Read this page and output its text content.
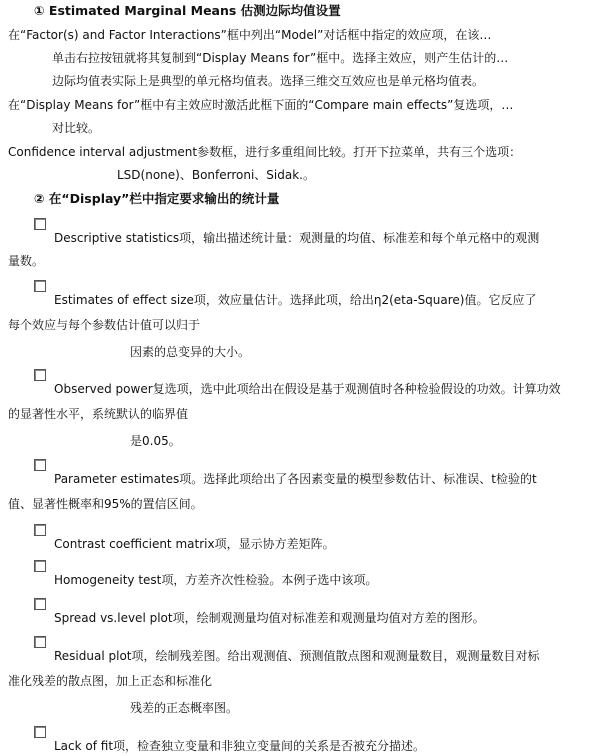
① Estimated Marginal Means 估测边际均值设置
在“Factor(s) and Factor Interactions”框中列出“Model”对话框中指定的效应项，在该…
单击右拉按钮就将其复制到“Display Means for”框中。选择主效应，则产生估计的…
边际均值表实际上是典型的单元格均值表。选择三维交互效应也是单元格均值表。
在“Display Means for”框中有主效应时激活此框下面的“Compare main effects”复选项，…
对比较。
Confidence interval adjustment参数框，进行多重组间比较。打开下拉菜单，共有三个选项：
LSD(none)、Bonferroni、Sidak.。
② 在“Display”栏中指定要求输出的统计量
Descriptive statistics项，输出描述统计量：观测量的均值、标准差和每个单元格中的观测
量数。
Estimates of effect size项，效应量估计。选择此项，给出η2(eta-Square)值。它反应了
每个效应与每个参数估计值可以归于
因素的总变异的大小。
Observed power复选项，选中此项给出在假设是基于观测值时各种检验假设的功效。计算功效
的显著性水平，系统默认的临界值
是0.05。
Parameter estimates项。选择此项给出了各因素变量的模型参数估计、标准误、t检验的t
值、显著性概率和95%的置信区间。
Contrast coefficient matrix项，显示协方差矩阵。
Homogeneity test项，方差齐次性检验。本例子选中该项。
Spread vs.level plot项，绘制观测量均值对标准差和观测量均值对方差的图形。
Residual plot项，绘制残差图。给出观测值、预测值散点图和观测量数目，观测量数目对标
准化残差的散点图，加上正态和标准化
残差的正态概率图。
Lack of fit项，检查独立变量和非独立变量间的关系是否被充分描述。
